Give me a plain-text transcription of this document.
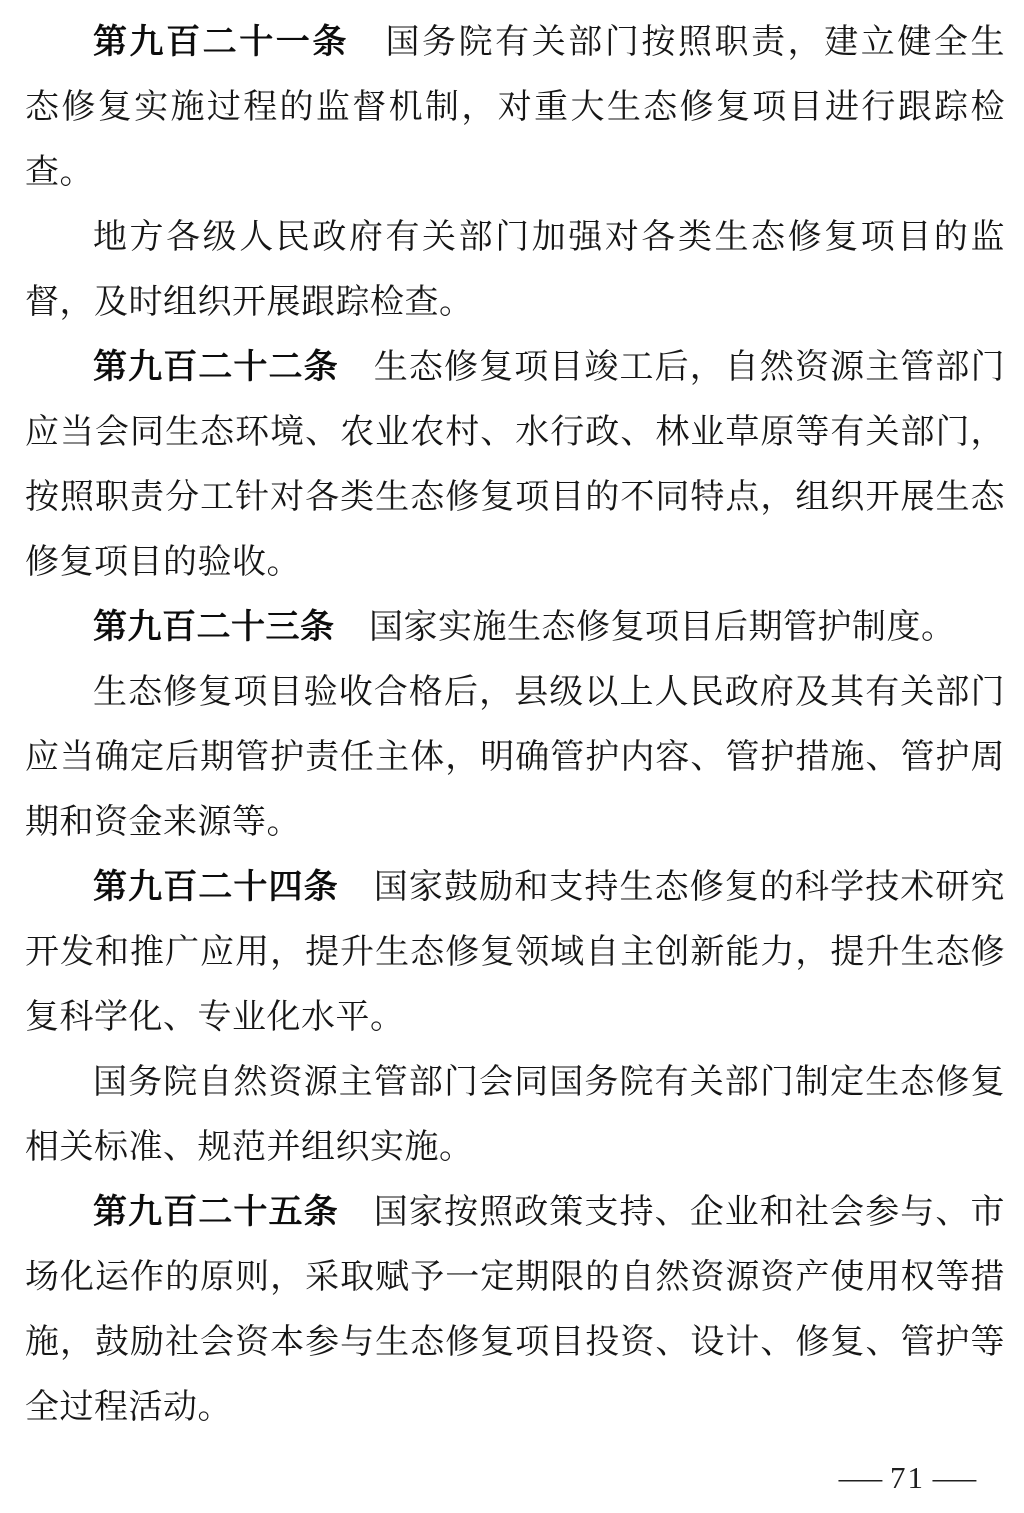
第九百二十一条　国务院有关部门按照职责，建立健全生
态修复实施过程的监督机制，对重大生态修复项目进行跟踪检
查。
地方各级人民政府有关部门加强对各类生态修复项目的监
督，及时组织开展跟踪检查。
第九百二十二条　生态修复项目竣工后，自然资源主管部门
应当会同生态环境、农业农村、水行政、林业草原等有关部门，
按照职责分工针对各类生态修复项目的不同特点，组织开展生态
修复项目的验收。
第九百二十三条　国家实施生态修复项目后期管护制度。
生态修复项目验收合格后，县级以上人民政府及其有关部门
应当确定后期管护责任主体，明确管护内容、管护措施、管护周
期和资金来源等。
第九百二十四条　国家鼓励和支持生态修复的科学技术研究
开发和推广应用，提升生态修复领域自主创新能力，提升生态修
复科学化、专业化水平。
国务院自然资源主管部门会同国务院有关部门制定生态修复
相关标准、规范并组织实施。
第九百二十五条　国家按照政策支持、企业和社会参与、市
场化运作的原则，采取赋予一定期限的自然资源资产使用权等措
施，鼓励社会资本参与生态修复项目投资、设计、修复、管护等
全过程活动。
— 71 —
